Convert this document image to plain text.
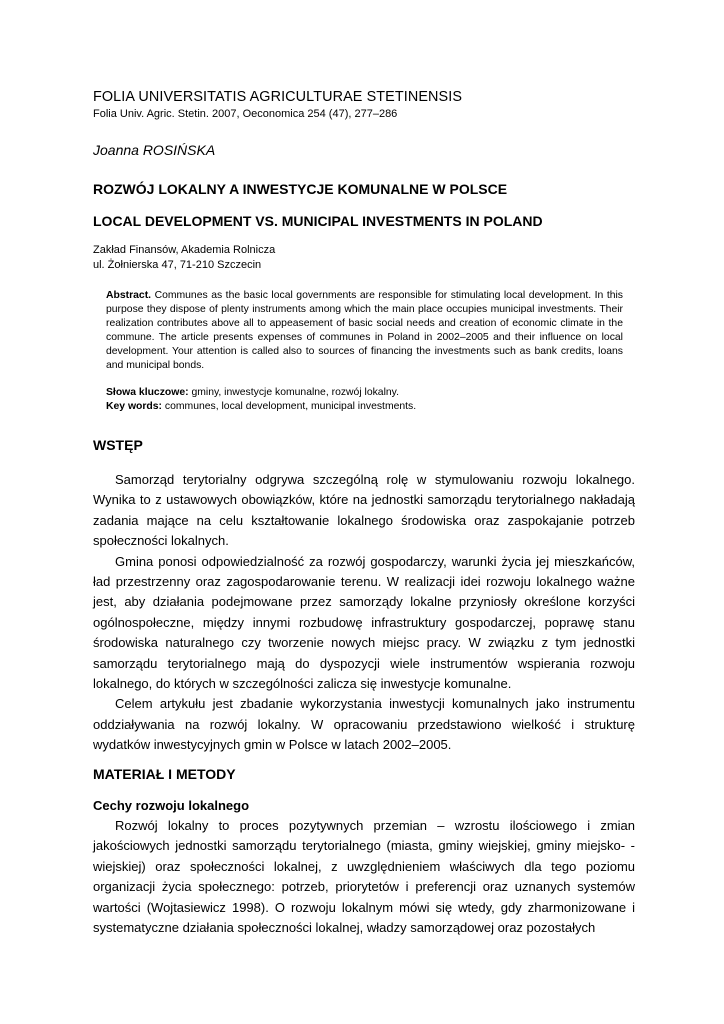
FOLIA UNIVERSITATIS AGRICULTURAE STETINENSIS
Folia Univ. Agric. Stetin. 2007, Oeconomica 254 (47), 277–286
Joanna ROSIŃSKA
ROZWÓJ LOKALNY A INWESTYCJE KOMUNALNE W POLSCE
LOCAL DEVELOPMENT VS. MUNICIPAL INVESTMENTS IN POLAND
Zakład Finansów, Akademia Rolnicza
ul. Żołnierska 47, 71-210 Szczecin
Abstract. Communes as the basic local governments are responsible for stimulating local development. In this purpose they dispose of plenty instruments among which the main place occupies municipal investments. Their realization contributes above all to appeasement of basic social needs and creation of economic climate in the commune. The article presents expenses of communes in Poland in 2002–2005 and their influence on local development. Your attention is called also to sources of financing the investments such as bank credits, loans and municipal bonds.
Słowa kluczowe: gminy, inwestycje komunalne, rozwój lokalny.
Key words: communes, local development, municipal investments.
WSTĘP

Samorząd terytorialny odgrywa szczególną rolę w stymulowaniu rozwoju lokalnego. Wynika to z ustawowych obowiązków, które na jednostki samorządu terytorialnego nakładają zadania mające na celu kształtowanie lokalnego środowiska oraz zaspokajanie potrzeb społeczności lokalnych.

Gmina ponosi odpowiedzialność za rozwój gospodarczy, warunki życia jej mieszkańców, ład przestrzenny oraz zagospodarowanie terenu. W realizacji idei rozwoju lokalnego ważne jest, aby działania podejmowane przez samorządy lokalne przyniosły określone korzyści ogólnospołeczne, między innymi rozbudowę infrastruktury gospodarczej, poprawę stanu środowiska naturalnego czy tworzenie nowych miejsc pracy. W związku z tym jednostki samorządu terytorialnego mają do dyspozycji wiele instrumentów wspierania rozwoju lokalnego, do których w szczególności zalicza się inwestycje komunalne.

Celem artykułu jest zbadanie wykorzystania inwestycji komunalnych jako instrumentu oddziaływania na rozwój lokalny. W opracowaniu przedstawiono wielkość i strukturę wydatków inwestycyjnych gmin w Polsce w latach 2002–2005.

MATERIAŁ I METODY
Cechy rozwoju lokalnego

Rozwój lokalny to proces pozytywnych przemian – wzrostu ilościowego i zmian jakościowych jednostki samorządu terytorialnego (miasta, gminy wiejskiej, gminy miejsko- -wiejskiej) oraz społeczności lokalnej, z uwzględnieniem właściwych dla tego poziomu organizacji życia społecznego: potrzeb, priorytetów i preferencji oraz uznanych systemów wartości (Wojtasiewicz 1998). O rozwoju lokalnym mówi się wtedy, gdy zharmonizowane i systematyczne działania społeczności lokalnej, władzy samorządowej oraz pozostałych
